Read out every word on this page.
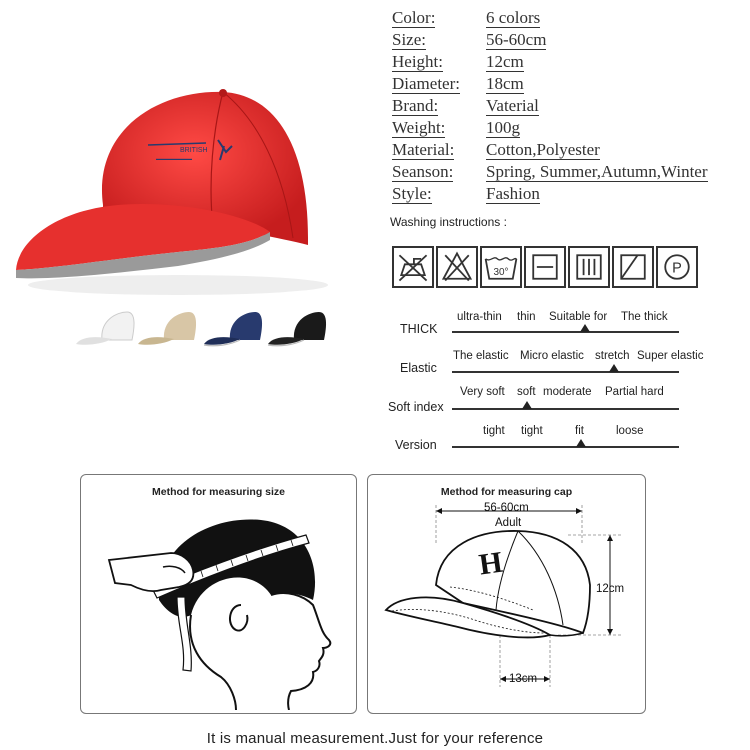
BRITISH
▬▬▬▬▬▬▬▬▬
Color:	6 colors
Size:	56-60cm
Height:	12cm
Diameter: 18cm
Brand:	Vaterial
Weight: 100g
Material: Cotton,Polyester
Seanson: Spring, Summer,Autumn,Winter
Style:	Fashion
Washing instructions :
30°	P
THICK
ultra-thin thin Suitable for The thick
Elastic
The elastic Micro elastic stretch Super elastic
Soft index
Very soft soft moderate Partial hard
Version
tight tight	fit	loose
Method for measuring size	Method for measuring cap
H
56-60cm
Adult
12cm
13cm
It is manual measurement.Just for your reference
